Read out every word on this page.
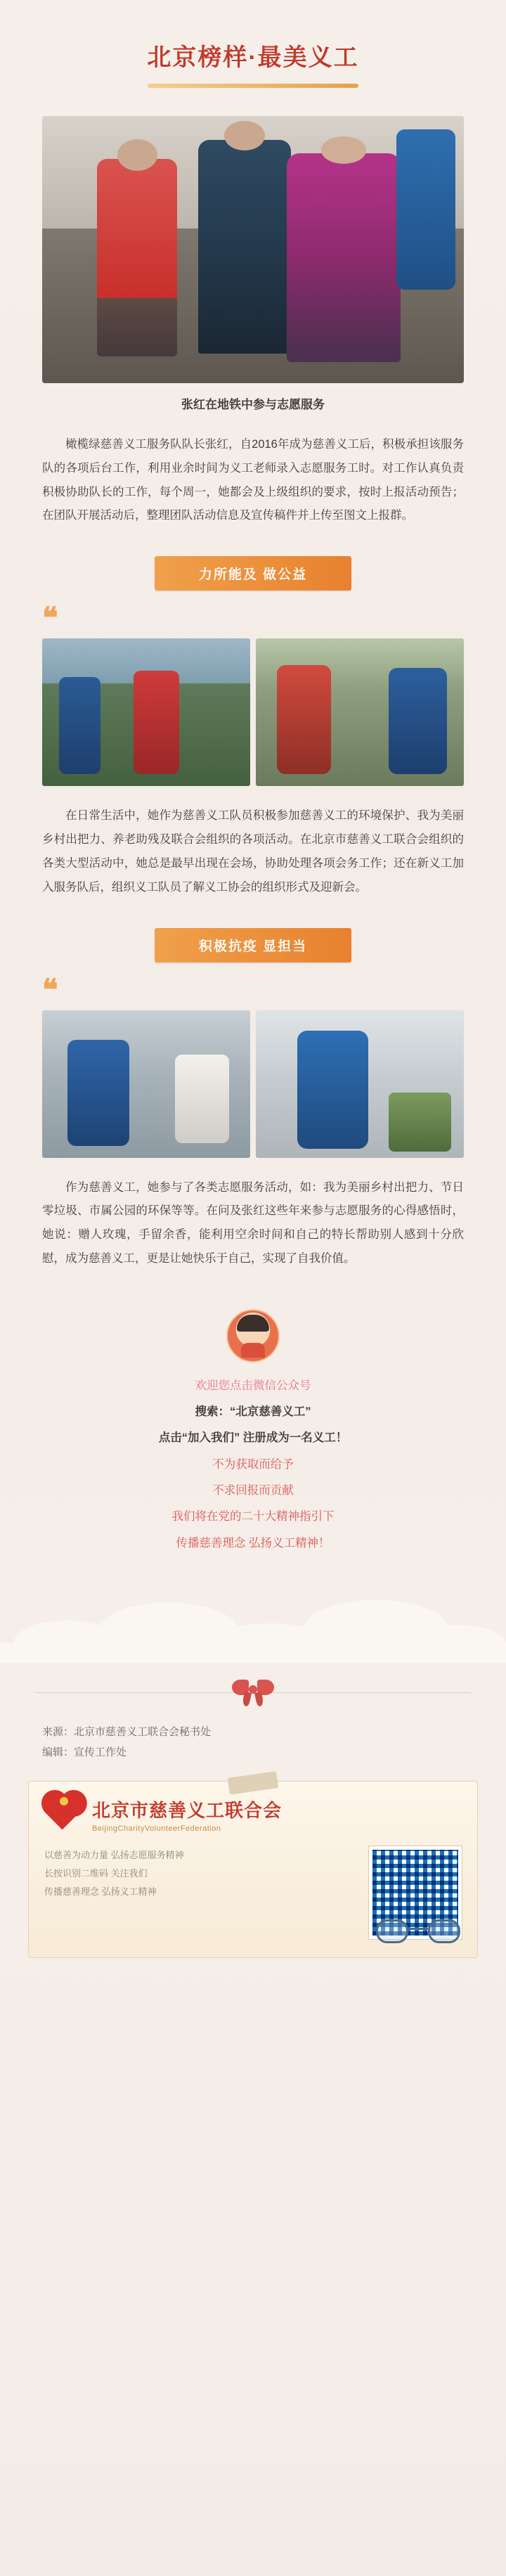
北京榜样·最美义工
张红在地铁中参与志愿服务
橄榄绿慈善义工服务队队长张红，自2016年成为慈善义工后，积极承担该服务队的各项后台工作，利用业余时间为义工老师录入志愿服务工时。对工作认真负责积极协助队长的工作，每个周一，她都会及上级组织的要求，按时上报活动预告；在团队开展活动后，整理团队活动信息及宣传稿件并上传至图文上报群。
力所能及 做公益
❝
在日常生活中，她作为慈善义工队员积极参加慈善义工的环境保护、我为美丽乡村出把力、养老助残及联合会组织的各项活动。在北京市慈善义工联合会组织的各类大型活动中，她总是最早出现在会场，协助处理各项会务工作；还在新义工加入服务队后，组织义工队员了解义工协会的组织形式及迎新会。
积极抗疫 显担当
❝
作为慈善义工，她参与了各类志愿服务活动，如：我为美丽乡村出把力、节日零垃圾、市属公园的环保等等。在问及张红这些年来参与志愿服务的心得感悟时，她说：赠人玫瑰，手留余香，能利用空余时间和自己的特长帮助别人感到十分欣慰，成为慈善义工，更是让她快乐于自己，实现了自我价值。

欢迎您点击微信公众号

搜索：“北京慈善义工”

点击“加入我们” 注册成为一名义工！

不为获取而给予

不求回报而贡献

我们将在党的二十大精神指引下

传播慈善理念 弘扬义工精神！

来源：北京市慈善义工联合会秘书处
编辑：宣传工作处
北京市慈善义工联合会
BeijingCharityVolunteerFederation
以慈善为动力量 弘扬志愿服务精神
长按识别二维码 关注我们
传播慈善理念 弘扬义工精神
